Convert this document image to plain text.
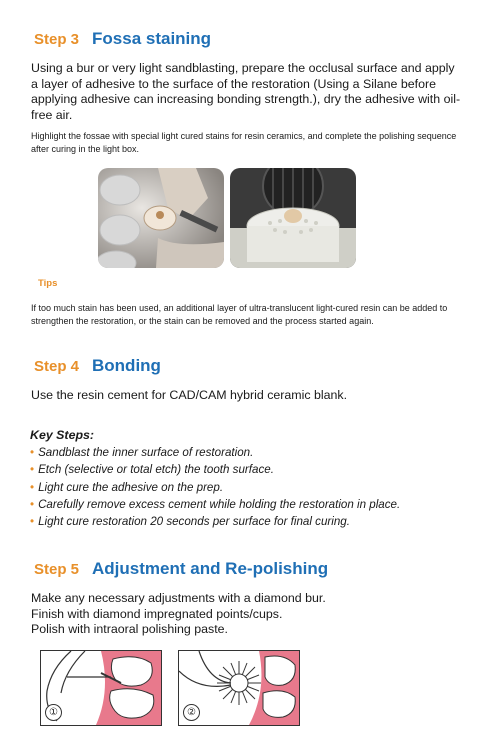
Step 3 Fossa staining
Using a bur or very light sandblasting, prepare the occlusal surface and apply a layer of adhesive to the surface of the restoration (Using a Silane before applying adhesive can increasing bonding strength.), dry the adhesive with oil-free air.
Highlight the fossae with special light cured stains for resin ceramics, and complete the polishing sequence after curing in the light box.
Tips
If too much stain has been used, an additional layer of ultra-translucent light-cured resin can be added to strengthen the restoration, or the stain can be removed and the process started again.
Step 4 Bonding
Use the resin cement for CAD/CAM hybrid ceramic blank.
Key Steps:
• Sandblast the inner surface of restoration.
• Etch (selective or total etch) the tooth surface.
• Light cure the adhesive on the prep.
• Carefully remove excess cement while holding the restoration in place.
• Light cure restoration 20 seconds per surface for final curing.
Step 5 Adjustment and Re-polishing
Make any necessary adjustments with a diamond bur.
Finish with diamond impregnated points/cups.
Polish with intraoral polishing paste.
①	②
